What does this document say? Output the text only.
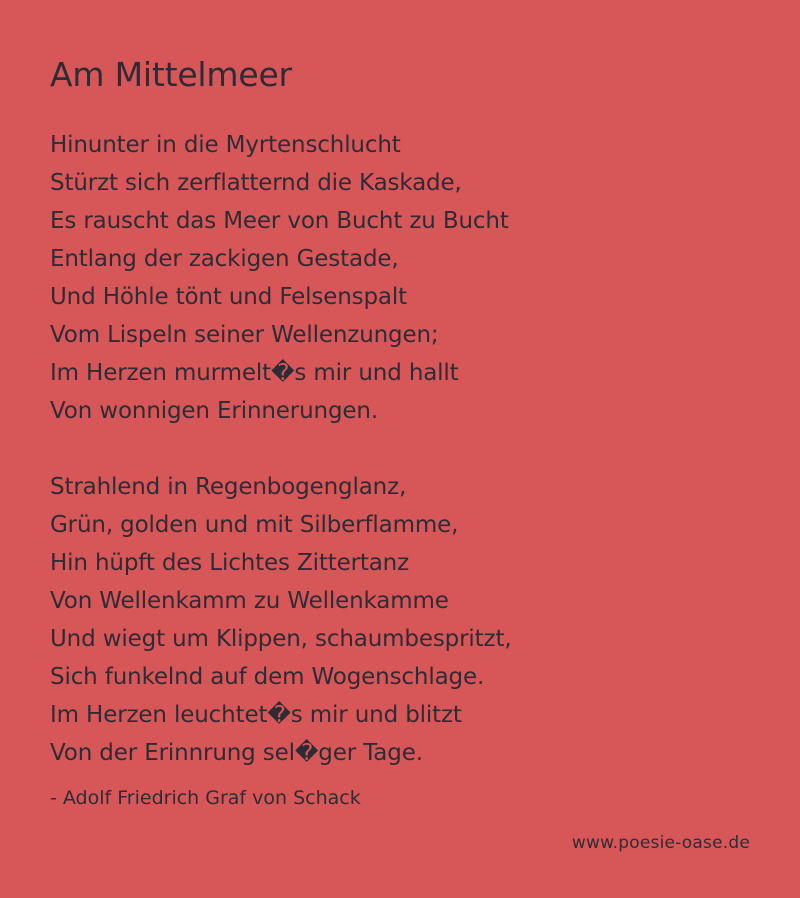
Am Mittelmeer
Hinunter in die Myrtenschlucht
Stürzt sich zerflatternd die Kaskade,
Es rauscht das Meer von Bucht zu Bucht
Entlang der zackigen Gestade,
Und Höhle tönt und Felsenspalt
Vom Lispeln seiner Wellenzungen;
Im Herzen murmelt�s mir und hallt
Von wonnigen Erinnerungen.
Strahlend in Regenbogenglanz,
Grün, golden und mit Silberflamme,
Hin hüpft des Lichtes Zittertanz
Von Wellenkamm zu Wellenkamme
Und wiegt um Klippen, schaumbespritzt,
Sich funkelnd auf dem Wogenschlage.
Im Herzen leuchtet�s mir und blitzt
Von der Erinnrung sel�ger Tage.
- Adolf Friedrich Graf von Schack
www.poesie-oase.de
